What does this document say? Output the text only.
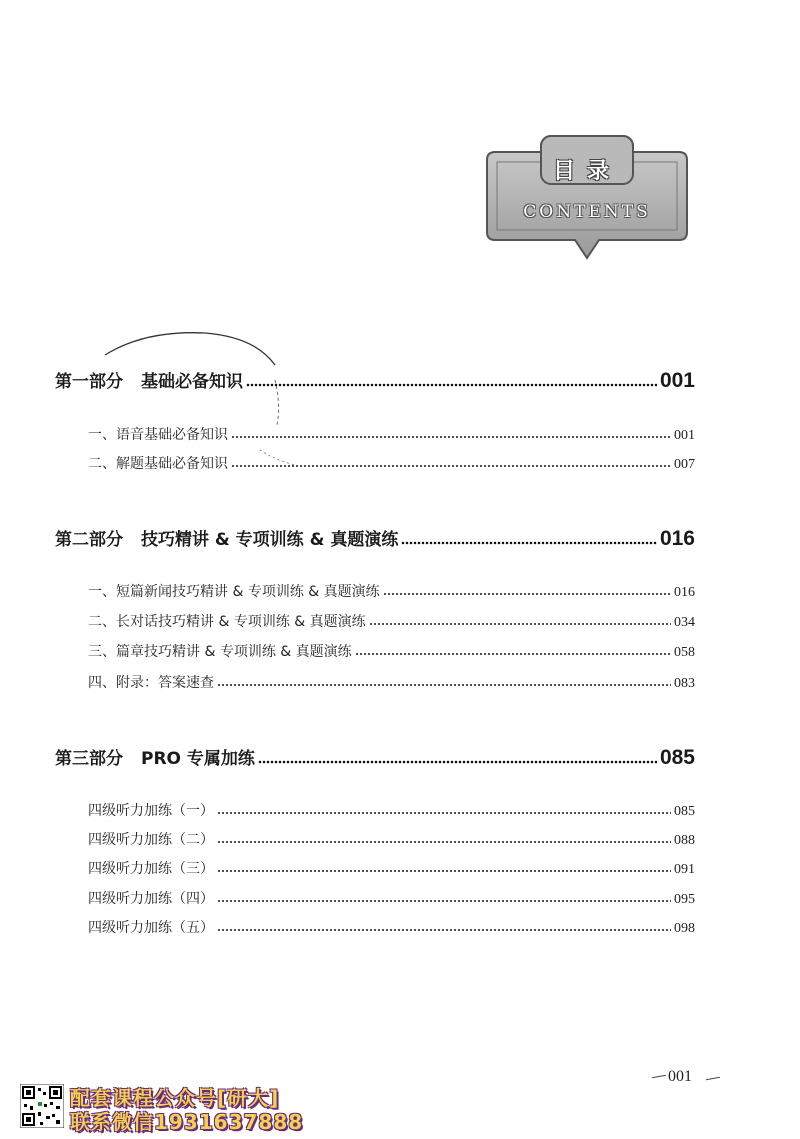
目录
CONTENTS
第一部分 基础必备知识	001
一、语音基础必备知识	001
二、解题基础必备知识	007
第二部分 技巧精讲 & 专项训练 & 真题演练	016
一、短篇新闻技巧精讲 & 专项训练 & 真题演练	016
二、长对话技巧精讲 & 专项训练 & 真题演练	034
三、篇章技巧精讲 & 专项训练 & 真题演练	058
四、附录：答案速查	083
第三部分 PRO 专属加练	085
四级听力加练（一）	085
四级听力加练（二）	088
四级听力加练（三）	091
四级听力加练（四）	095
四级听力加练（五）	098
001
配套课程公众号[研大]
联系微信1931637888
